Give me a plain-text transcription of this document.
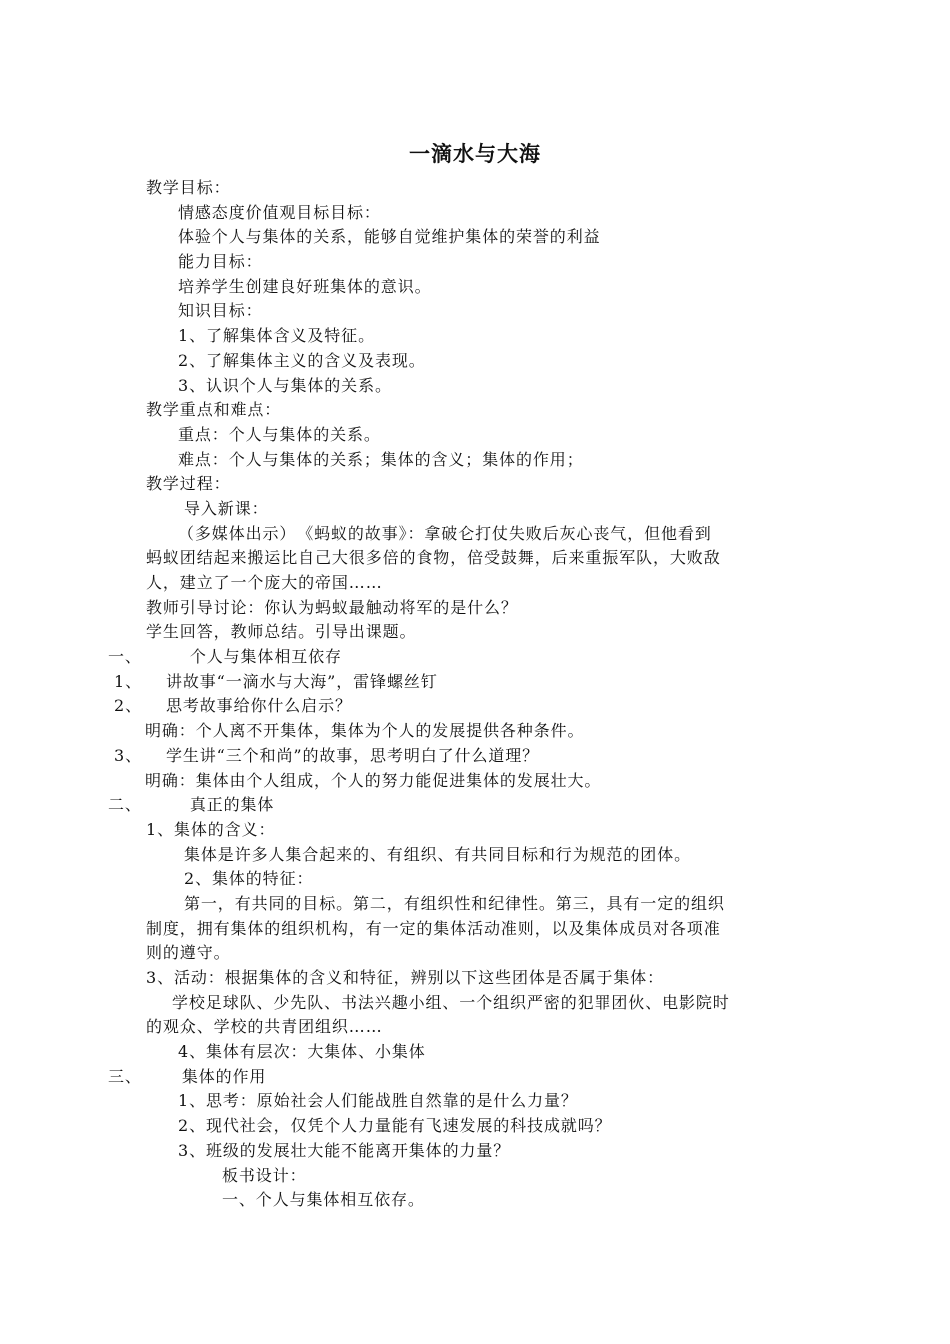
一滴水与大海
教学目标：
情感态度价值观目标目标：
体验个人与集体的关系，能够自觉维护集体的荣誉的利益
能力目标：
培养学生创建良好班集体的意识。
知识目标：
1、了解集体含义及特征。
2、了解集体主义的含义及表现。
3、认识个人与集体的关系。
教学重点和难点：
重点：个人与集体的关系。
难点：个人与集体的关系；集体的含义；集体的作用；
教学过程：
导入新课：
（多媒体出示）　《蚂蚁的故事》：拿破仑打仗失败后灰心丧气，但他看到
蚂蚁团结起来搬运比自己大很多倍的食物，倍受鼓舞，后来重振军队，大败敌
人，建立了一个庞大的帝国……
教师引导讨论：你认为蚂蚁最触动将军的是什么？
学生回答，教师总结。引导出课题。
一、	个人与集体相互依存
1、 讲故事“一滴水与大海”，雷锋螺丝钉
2、 思考故事给你什么启示？
明确：个人离不开集体，集体为个人的发展提供各种条件。
3、 学生讲“三个和尚”的故事，思考明白了什么道理？
明确：集体由个人组成，个人的努力能促进集体的发展壮大。
二、	真正的集体
1、集体的含义：
集体是许多人集合起来的、有组织、有共同目标和行为规范的团体。
2、集体的特征：
第一，有共同的目标。第二，有组织性和纪律性。第三，具有一定的组织
制度，拥有集体的组织机构，有一定的集体活动准则，以及集体成员对各项准
则的遵守。
3、活动：根据集体的含义和特征，辨别以下这些团体是否属于集体：
学校足球队、少先队、书法兴趣小组、一个组织严密的犯罪团伙、电影院时
的观众、学校的共青团组织……
4、集体有层次：大集体、小集体
三、	集体的作用
1、思考：原始社会人们能战胜自然靠的是什么力量？
2、现代社会，仅凭个人力量能有飞速发展的科技成就吗？
3、班级的发展壮大能不能离开集体的力量？
板书设计：
一、个人与集体相互依存。
